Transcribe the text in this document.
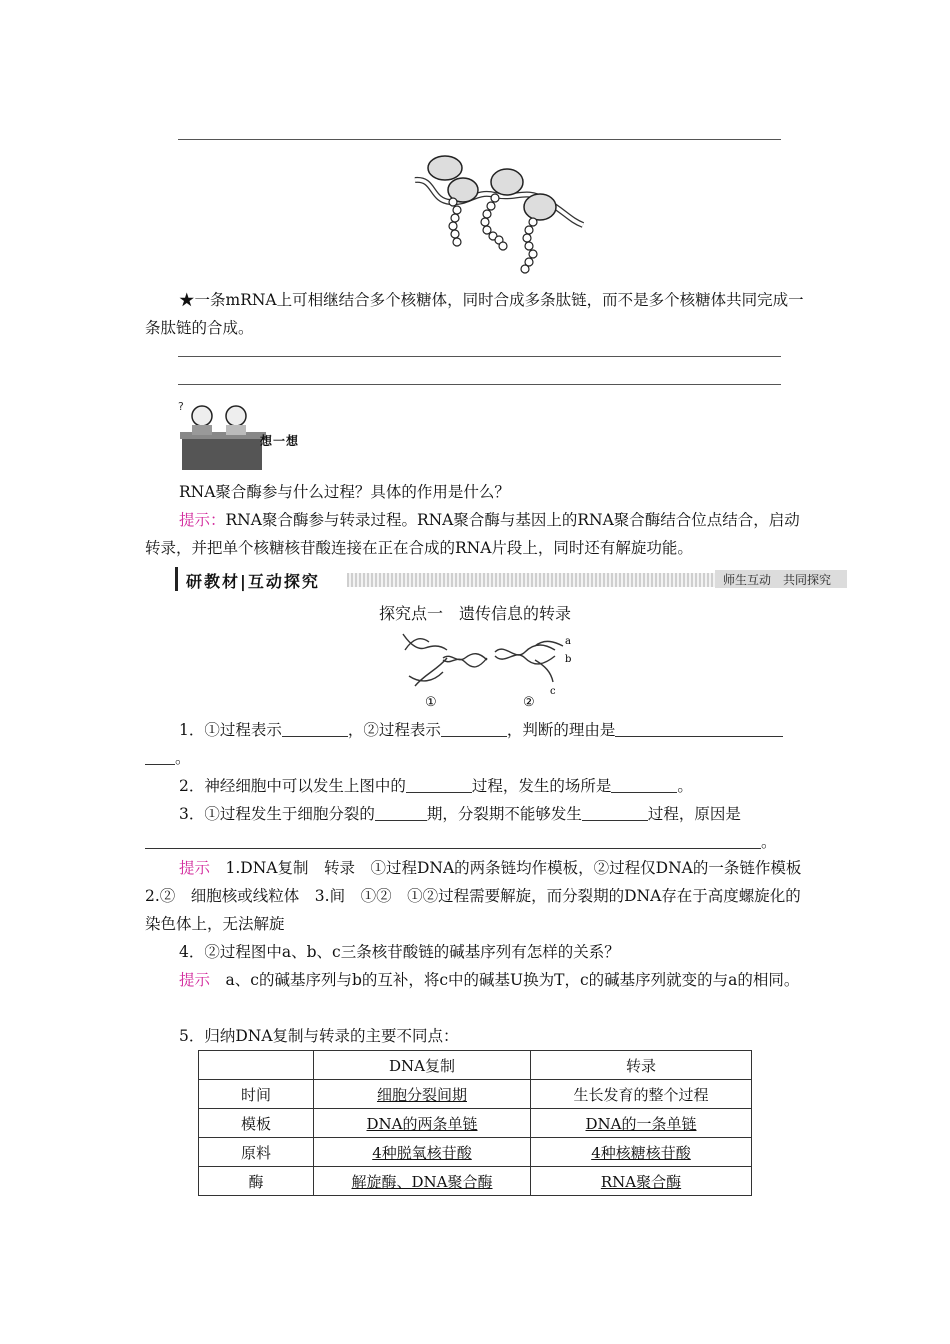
★一条mRNA上可相继结合多个核糖体，同时合成多条肽链，而不是多个核糖体共同完成一条肽链的合成。
?
想一想
RNA聚合酶参与什么过程？具体的作用是什么？
提示：RNA聚合酶参与转录过程。RNA聚合酶与基因上的RNA聚合酶结合位点结合，启动转录，并把单个核糖核苷酸连接在正在合成的RNA片段上，同时还有解旋功能。
研教材|互动探究	师生互动　共同探究
探究点一　遗传信息的转录
a
b
c
①	②
1．①过程表示	，②过程表示	，判断的理由是
。
2．神经细胞中可以发生上图中的	过程，发生的场所是	。
3．①过程发生于细胞分裂的	期，分裂期不能够发生	过程，原因是
。
提示　1.DNA复制　转录　①过程DNA的两条链均作模板，②过程仅DNA的一条链作模板　2.②　细胞核或线粒体　3.间　①②　①②过程需要解旋，而分裂期的DNA存在于高度螺旋化的染色体上，无法解旋
4．②过程图中a、b、c三条核苷酸链的碱基序列有怎样的关系？
提示　a、c的碱基序列与b的互补，将c中的碱基U换为T，c的碱基序列就变的与a的相同。
5．归纳DNA复制与转录的主要不同点：
	DNA复制	转录
时间	细胞分裂间期	生长发育的整个过程
模板	DNA的两条单链	DNA的一条单链
原料	4种脱氧核苷酸	4种核糖核苷酸
酶	解旋酶、DNA聚合酶	RNA聚合酶
